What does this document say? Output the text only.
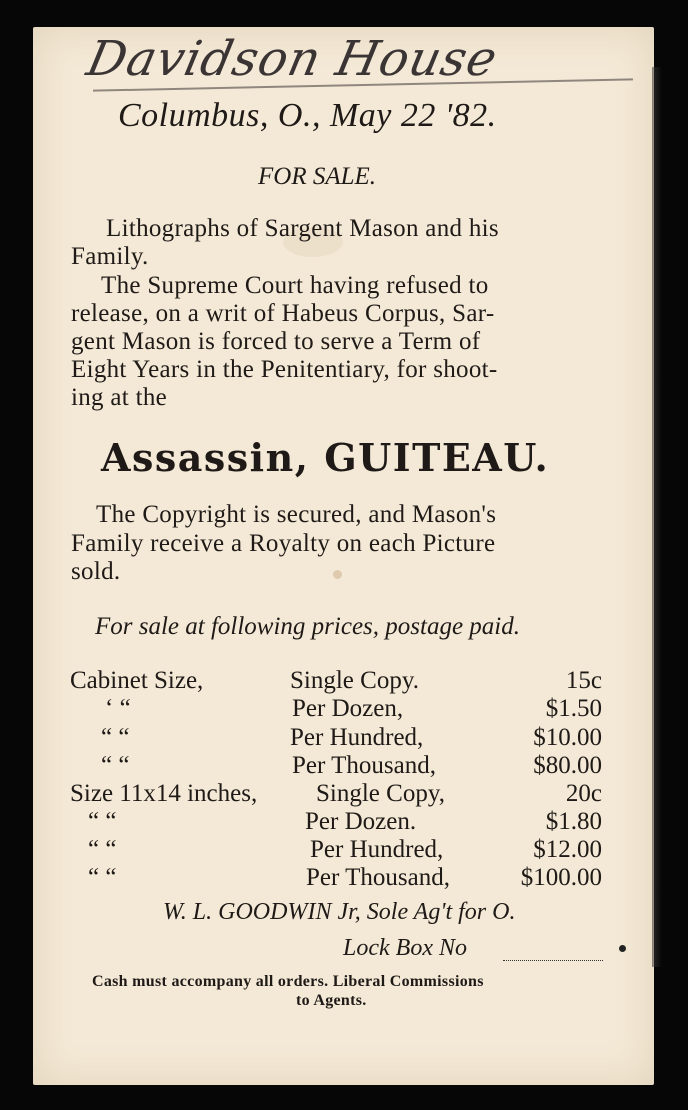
Davidson House
Columbus, O., May 22 '82.
FOR SALE.
Lithographs of Sargent Mason and his
Family.
The Supreme Court having refused to
release, on a writ of Habeus Corpus, Sar-
gent Mason is forced to serve a Term of
Eight Years in the Penitentiary, for shoot-
ing at the
Assassin, GUITEAU.
The Copyright is secured, and Mason's
Family receive a Royalty on each Picture
sold.
For sale at following prices, postage paid.
Cabinet Size,	Single Copy.	15c
‘ “	Per Dozen,	$1.50
“ “	Per Hundred,	$10.00
“ “	Per Thousand,	$80.00
Size 11x14 inches, Single Copy,	20c
“ “	Per Dozen.	$1.80
“ “	Per Hundred,	$12.00
“ “	Per Thousand,	$100.00
W. L. GOODWIN Jr, Sole Ag't for O.
Lock Box No
Cash must accompany all orders. Liberal Commissions
to Agents.
